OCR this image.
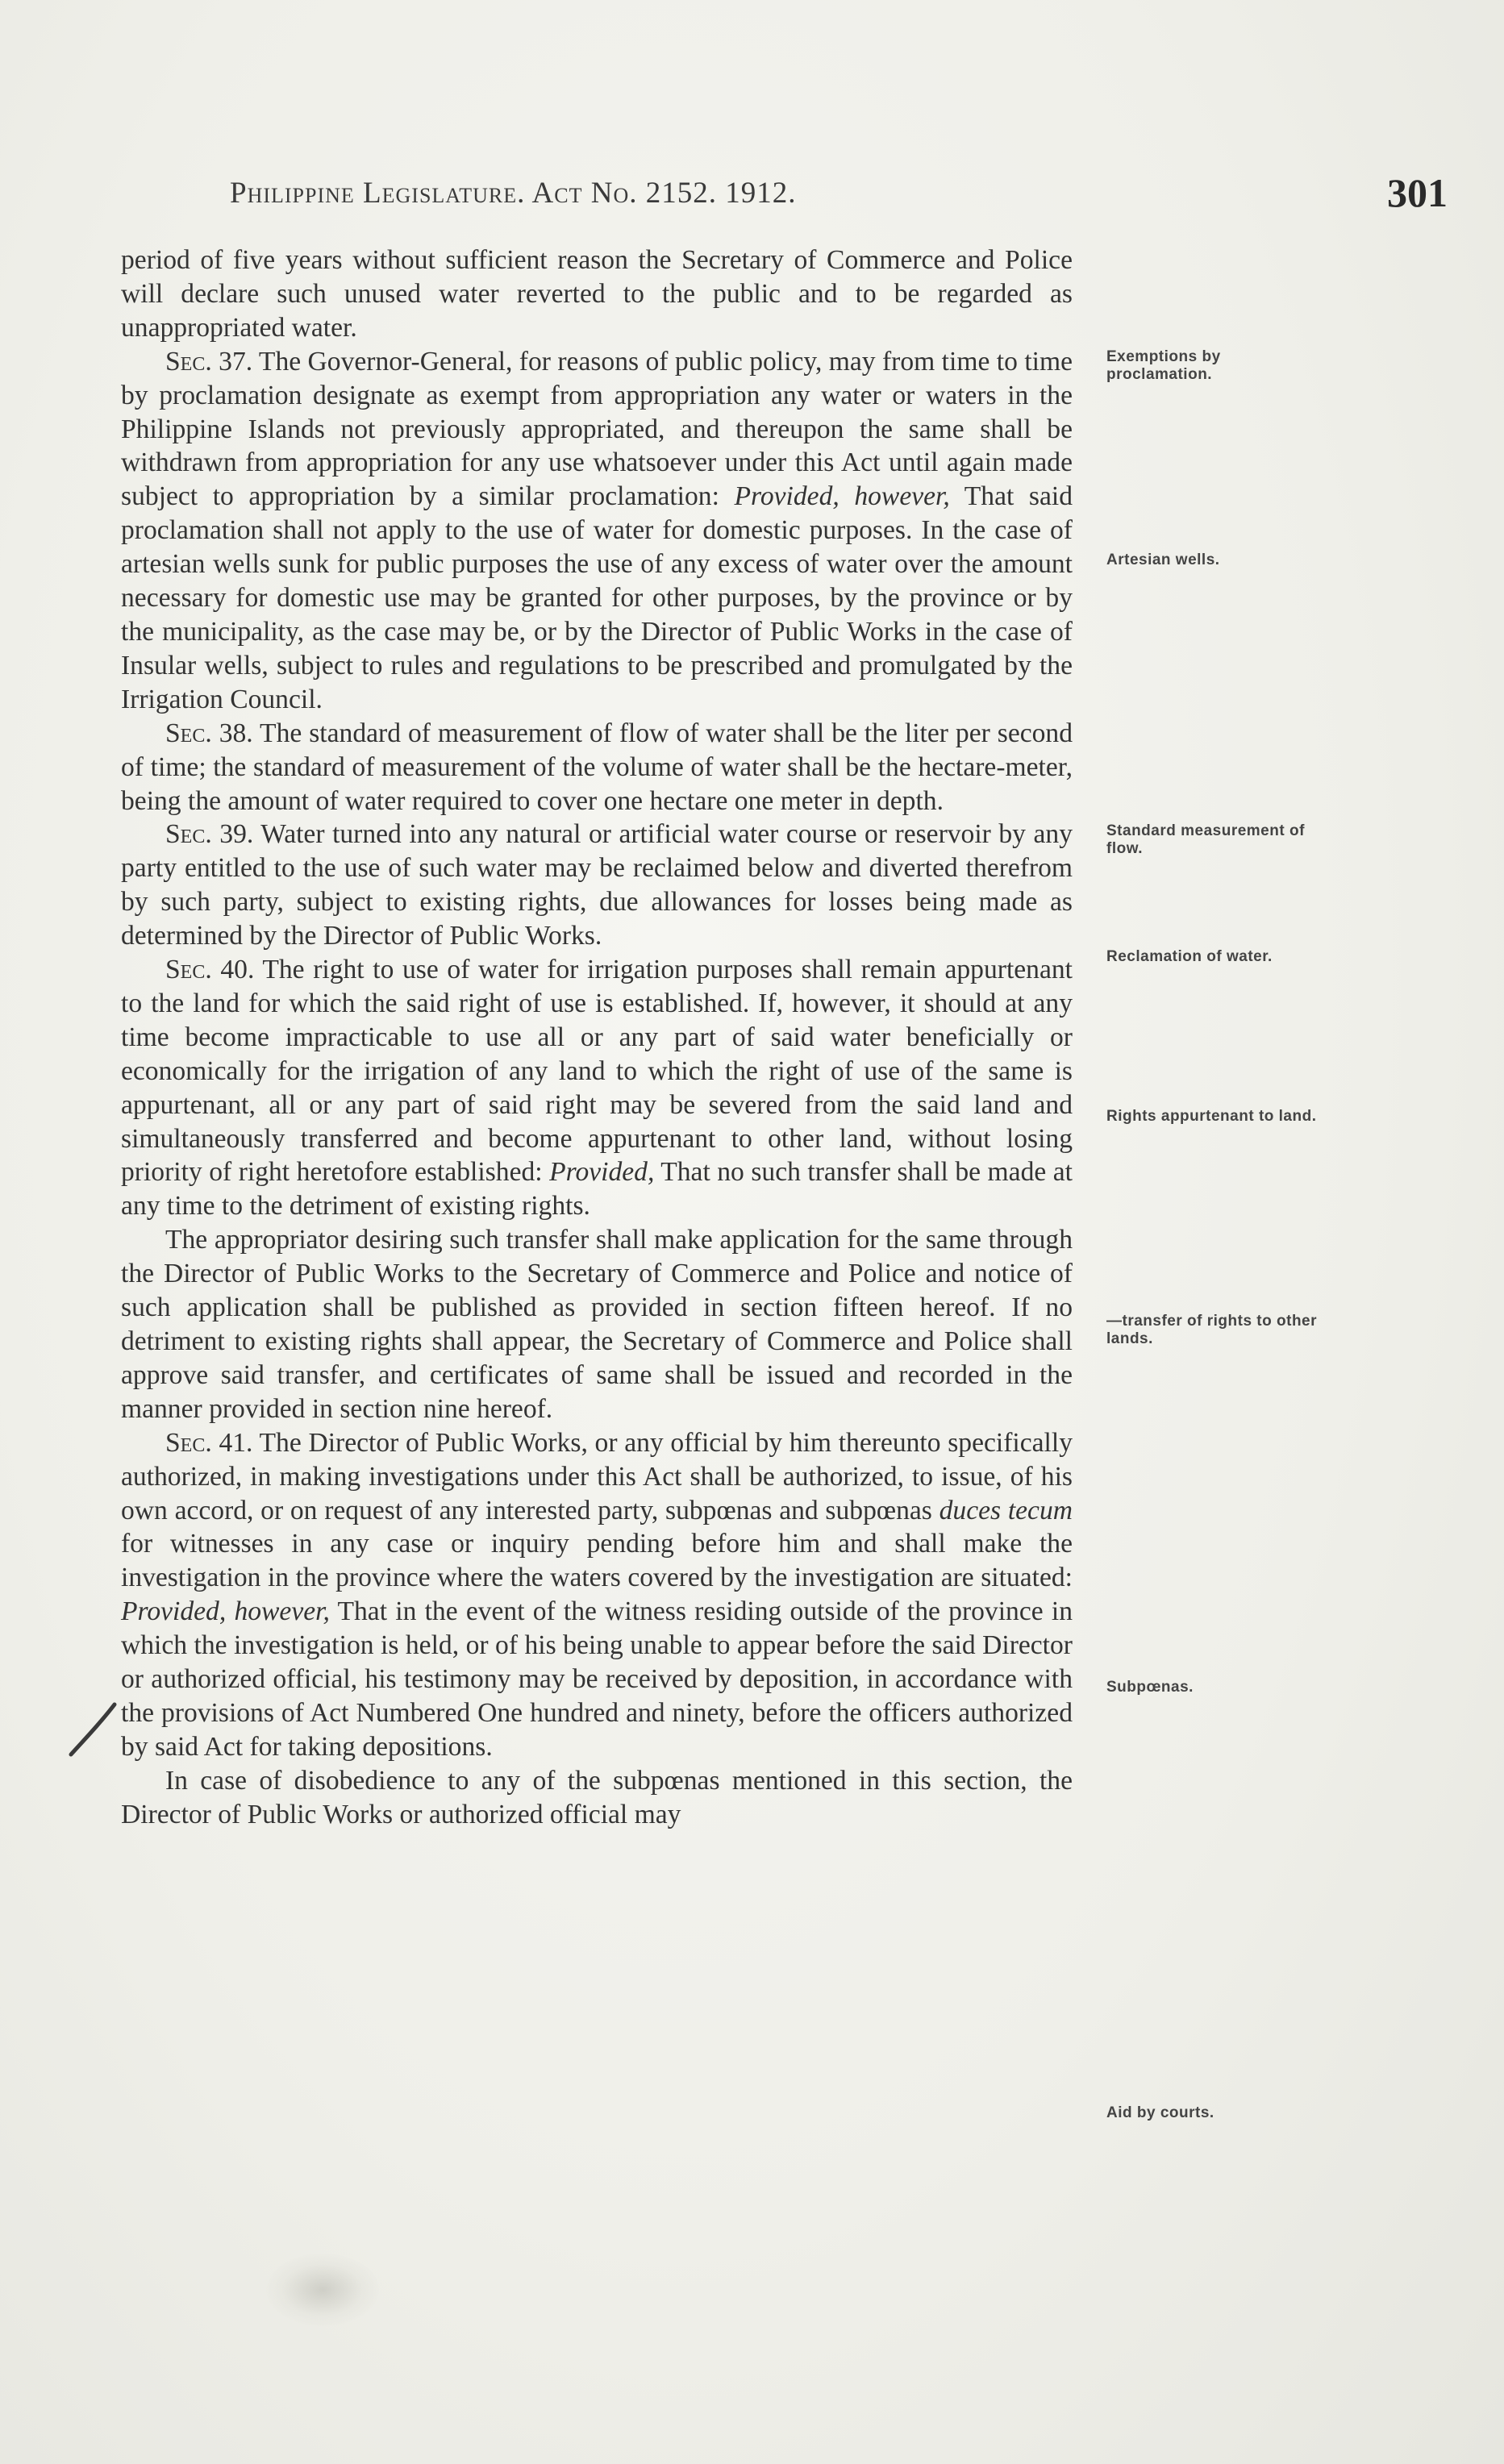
Philippine Legislature. Act No. 2152. 1912.	301

period of five years without sufficient reason the Secretary of Commerce and Police will declare such unused water reverted to the public and to be regarded as unappropriated water.

Sec. 37. The Governor-General, for reasons of public policy, may from time to time by proclamation designate as exempt from appropriation any water or waters in the Philippine Islands not previously appropriated, and thereupon the same shall be withdrawn from appropriation for any use whatsoever under this Act until again made subject to appropriation by a similar proclamation: Provided, however, That said proclamation shall not apply to the use of water for domestic purposes. In the case of artesian wells sunk for public purposes the use of any excess of water over the amount necessary for domestic use may be granted for other purposes, by the province or by the municipality, as the case may be, or by the Director of Public Works in the case of Insular wells, subject to rules and regulations to be prescribed and promulgated by the Irrigation Council.

Sec. 38. The standard of measurement of flow of water shall be the liter per second of time; the standard of measurement of the volume of water shall be the hectare-meter, being the amount of water required to cover one hectare one meter in depth.

Sec. 39. Water turned into any natural or artificial water course or reservoir by any party entitled to the use of such water may be reclaimed below and diverted therefrom by such party, subject to existing rights, due allowances for losses being made as determined by the Director of Public Works.

Sec. 40. The right to use of water for irrigation purposes shall remain appurtenant to the land for which the said right of use is established. If, however, it should at any time become impracticable to use all or any part of said water beneficially or economically for the irrigation of any land to which the right of use of the same is appurtenant, all or any part of said right may be severed from the said land and simultaneously transferred and become appurtenant to other land, without losing priority of right heretofore established: Provided, That no such transfer shall be made at any time to the detriment of existing rights.

The appropriator desiring such transfer shall make application for the same through the Director of Public Works to the Secretary of Commerce and Police and notice of such application shall be published as provided in section fifteen hereof. If no detriment to existing rights shall appear, the Secretary of Commerce and Police shall approve said transfer, and certificates of same shall be issued and recorded in the manner provided in section nine hereof.

Sec. 41. The Director of Public Works, or any official by him thereunto specifically authorized, in making investigations under this Act shall be authorized, to issue, of his own accord, or on request of any interested party, subpœnas and subpœnas duces tecum for witnesses in any case or inquiry pending before him and shall make the investigation in the province where the waters covered by the investigation are situated: Provided, however, That in the event of the witness residing outside of the province in which the investigation is held, or of his being unable to appear before the said Director or authorized official, his testimony may be received by deposition, in accordance with the provisions of Act Numbered One hundred and ninety, before the officers authorized by said Act for taking depositions.

In case of disobedience to any of the subpœnas mentioned in this section, the Director of Public Works or authorized official may

Exemptions by proclamation.
Artesian wells.
Standard measurement of flow.
Reclamation of water.
Rights appurtenant to land.
—transfer of rights to other lands.
Subpœnas.
Aid by courts.
